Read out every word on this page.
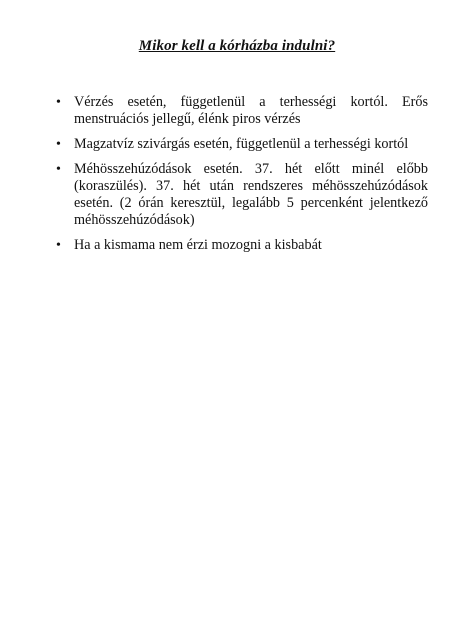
Mikor kell a kórházba indulni?
• Vérzés esetén, függetlenül a terhességi kortól. Erős menstruációs jellegű, élénk piros vérzés
• Magzatvíz szivárgás esetén, függetlenül a terhességi kortól
• Méhösszehúzódások esetén. 37. hét előtt minél előbb (koraszülés). 37. hét után rendszeres méhösszehúzódások esetén. (2 órán keresztül, legalább 5 percenként jelentkező méhösszehúzódások)
• Ha a kismama nem érzi mozogni a kisbabát
